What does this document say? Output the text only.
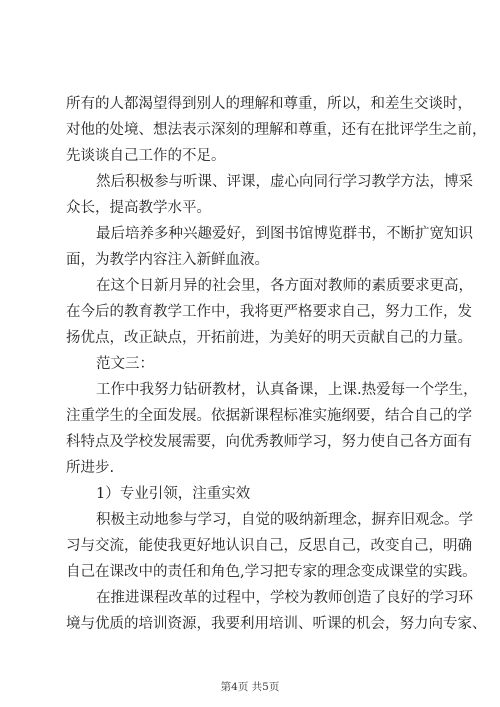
所有的人都渴望得到别人的理解和尊重，所以，和差生交谈时，
对他的处境、想法表示深刻的理解和尊重，还有在批评学生之前，
先谈谈自己工作的不足。
然后积极参与听课、评课，虚心向同行学习教学方法，博采
众长，提高教学水平。
最后培养多种兴趣爱好，到图书馆博览群书，不断扩宽知识
面，为教学内容注入新鲜血液。
在这个日新月异的社会里，各方面对教师的素质要求更高，
在今后的教育教学工作中，我将更严格要求自己，努力工作，发
扬优点，改正缺点，开拓前进，为美好的明天贡献自己的力量。
范文三：
工作中我努力钻研教材，认真备课，上课.热爱每一个学生，
注重学生的全面发展。依据新课程标准实施纲要，结合自己的学
科特点及学校发展需要，向优秀教师学习，努力使自己各方面有
所进步.
1）专业引领，注重实效
积极主动地参与学习，自觉的吸纳新理念，摒弃旧观念。学
习与交流，能使我更好地认识自己，反思自己，改变自己，明确
自己在课改中的责任和角色,学习把专家的理念变成课堂的实践。
在推进课程改革的过程中，学校为教师创造了良好的学习环
境与优质的培训资源，我要利用培训、听课的机会，努力向专家、
第4页 共5页
